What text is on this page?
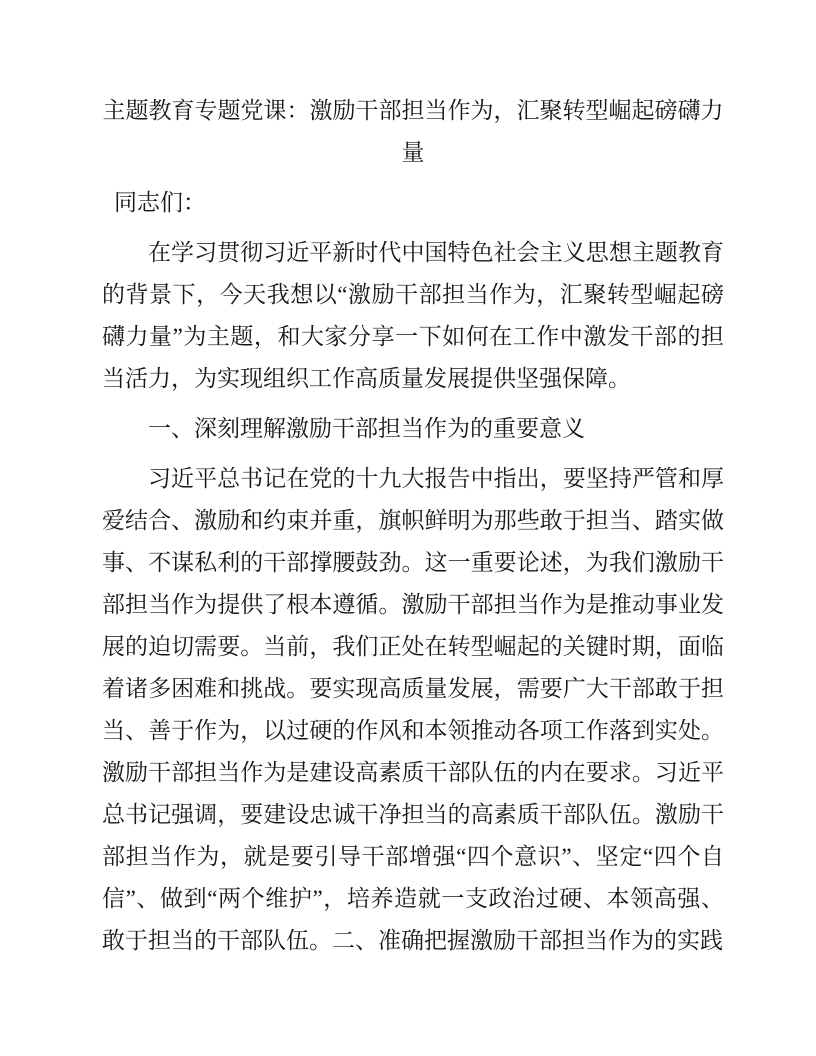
主题教育专题党课：激励干部担当作为，汇聚转型崛起磅礴力量

同志们：

在学习贯彻习近平新时代中国特色社会主义思想主题教育的背景下，今天我想以“激励干部担当作为，汇聚转型崛起磅礴力量”为主题，和大家分享一下如何在工作中激发干部的担当活力，为实现组织工作高质量发展提供坚强保障。

一、深刻理解激励干部担当作为的重要意义

习近平总书记在党的十九大报告中指出，要坚持严管和厚爱结合、激励和约束并重，旗帜鲜明为那些敢于担当、踏实做事、不谋私利的干部撑腰鼓劲。这一重要论述，为我们激励干部担当作为提供了根本遵循。激励干部担当作为是推动事业发展的迫切需要。当前，我们正处在转型崛起的关键时期，面临着诸多困难和挑战。要实现高质量发展，需要广大干部敢于担当、善于作为，以过硬的作风和本领推动各项工作落到实处。激励干部担当作为是建设高素质干部队伍的内在要求。习近平总书记强调，要建设忠诚干净担当的高素质干部队伍。激励干部担当作为，就是要引导干部增强“四个意识”、坚定“四个自信”、做到“两个维护”，培养造就一支政治过硬、本领高强、敢于担当的干部队伍。二、准确把握激励干部担当作为的实践
